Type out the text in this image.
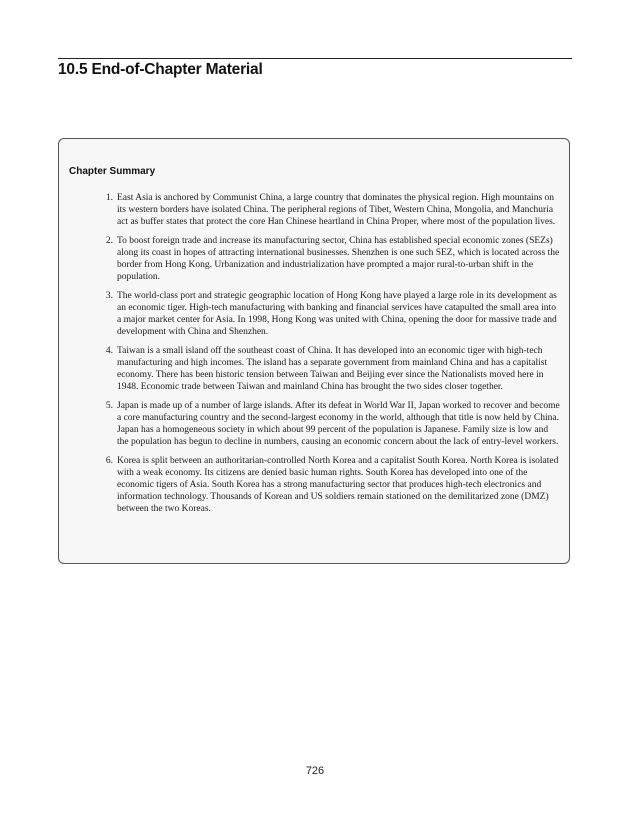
10.5 End-of-Chapter Material
Chapter Summary
1. East Asia is anchored by Communist China, a large country that dominates the physical region. High mountains on its western borders have isolated China. The peripheral regions of Tibet, Western China, Mongolia, and Manchuria act as buffer states that protect the core Han Chinese heartland in China Proper, where most of the population lives.
2. To boost foreign trade and increase its manufacturing sector, China has established special economic zones (SEZs) along its coast in hopes of attracting international businesses. Shenzhen is one such SEZ, which is located across the border from Hong Kong. Urbanization and industrialization have prompted a major rural-to-urban shift in the population.
3. The world-class port and strategic geographic location of Hong Kong have played a large role in its development as an economic tiger. High-tech manufacturing with banking and financial services have catapulted the small area into a major market center for Asia. In 1998, Hong Kong was united with China, opening the door for massive trade and development with China and Shenzhen.
4. Taiwan is a small island off the southeast coast of China. It has developed into an economic tiger with high-tech manufacturing and high incomes. The island has a separate government from mainland China and has a capitalist economy. There has been historic tension between Taiwan and Beijing ever since the Nationalists moved here in 1948. Economic trade between Taiwan and mainland China has brought the two sides closer together.
5. Japan is made up of a number of large islands. After its defeat in World War II, Japan worked to recover and become a core manufacturing country and the second-largest economy in the world, although that title is now held by China. Japan has a homogeneous society in which about 99 percent of the population is Japanese. Family size is low and the population has begun to decline in numbers, causing an economic concern about the lack of entry-level workers.
6. Korea is split between an authoritarian-controlled North Korea and a capitalist South Korea. North Korea is isolated with a weak economy. Its citizens are denied basic human rights. South Korea has developed into one of the economic tigers of Asia. South Korea has a strong manufacturing sector that produces high-tech electronics and information technology. Thousands of Korean and US soldiers remain stationed on the demilitarized zone (DMZ) between the two Koreas.
726
